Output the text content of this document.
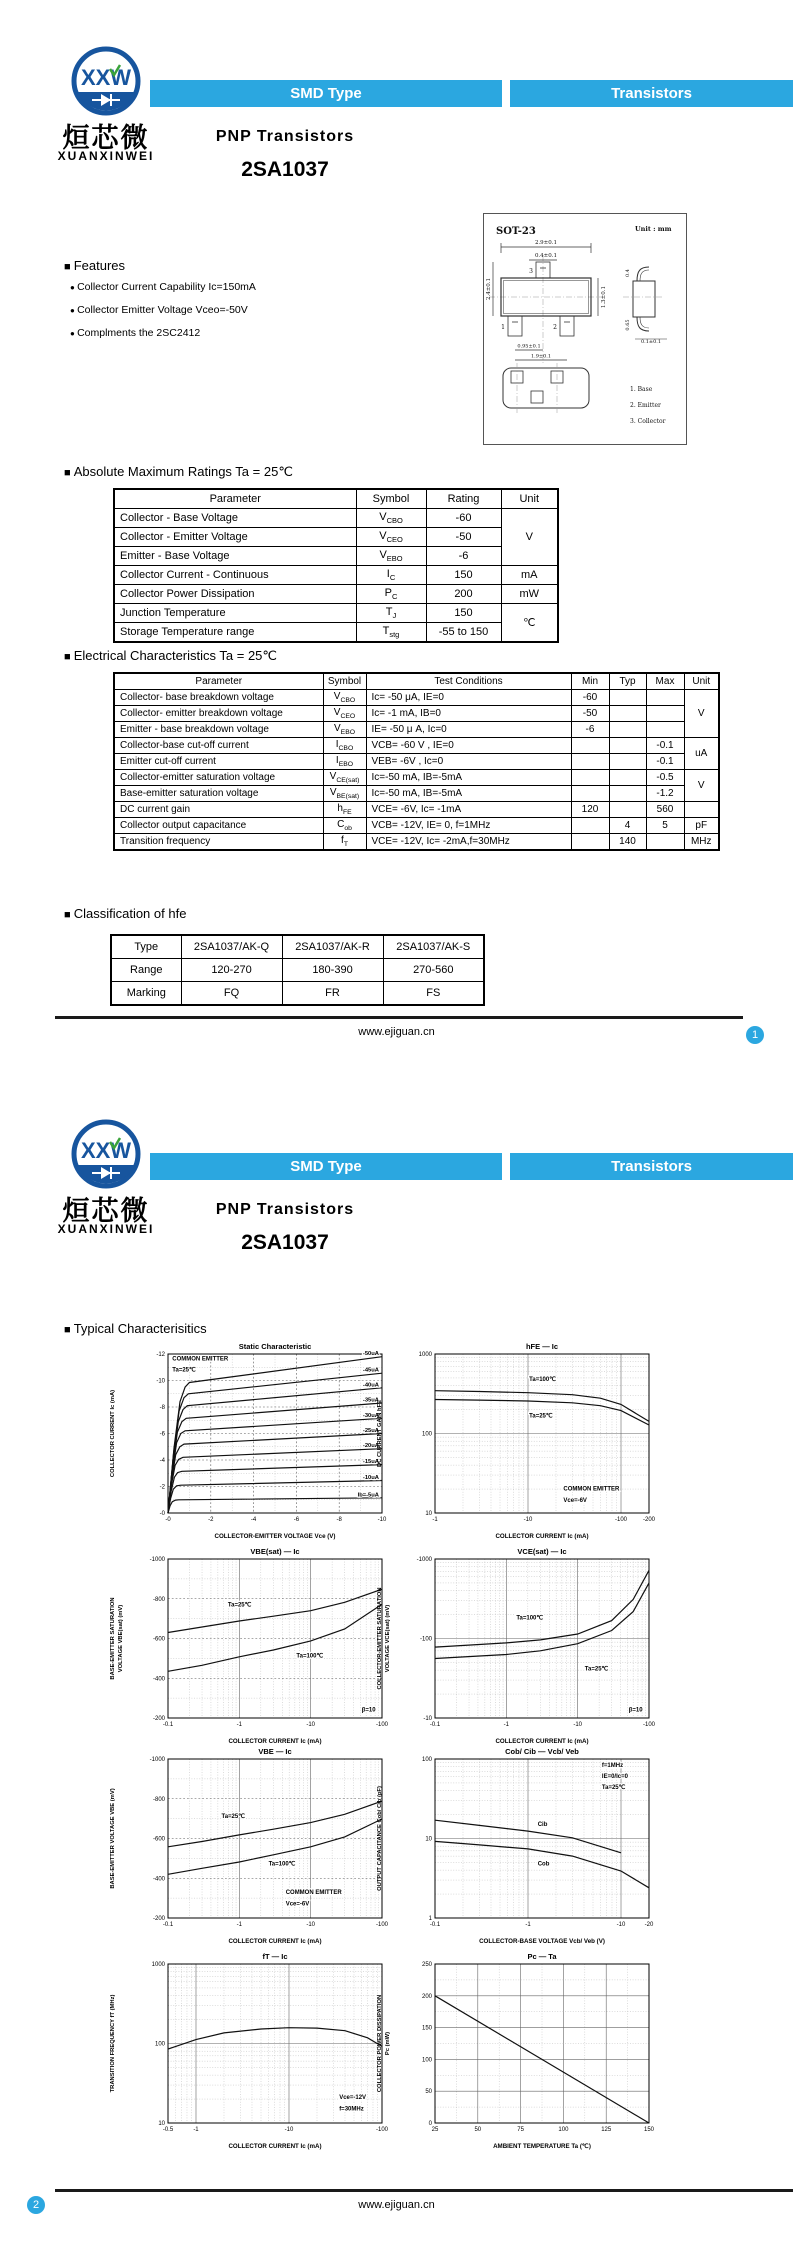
XXW
烜芯微
XUANXINWEI
SMD Type	Transistors
PNP Transistors
2SA1037
■ Features
● Collector Current Capability Ic=150mA
● Collector Emitter Voltage Vceo=-50V
● Complments the 2SC2412
SOT-23	Unit : mm
2.9±0.1
0.4±0.1
3
1	2
2.4±0.1	1.3±0.1
0.95±0.1
1.9±0.1
0.4
0.65
0.1±0.1
1. Base
2. Emitter
3. Collector
■ Absolute Maximum Ratings Ta = 25℃
■ Electrical Characteristics Ta = 25℃
■ Classification of hfe
www.ejiguan.cn	1
XXW
烜芯微
XUANXINWEI
SMD Type	Transistors
PNP Transistors
2SA1037
■ Typical Characterisitics
www.ejiguan.cn
2
Parameter	Symbol	Rating	Unit
Collector - Base Voltage	$V_{CBO}$	-60	V
Collector - Emitter Voltage	$V_{CEO}$	-50	
Emitter - Base Voltage	$V_{EBO}$	-6	
Collector Current - Continuous	$I_C$	150	mA
Collector Power Dissipation	$P_C$	200	mW
Junction Temperature	$T_J$	150	℃
Storage Temperature range	$T_{stg}$	-55 to 150	
Parameter	Symbol	Test Conditions	Min	Typ	Max	Unit
Collector- base breakdown voltage	$V_{CBO}$	Ic= -50 μA, IE=0	-60			V
Collector- emitter breakdown voltage	$V_{CEO}$	Ic= -1 mA, IB=0	-50			
Emitter - base breakdown voltage	$V_{EBO}$	IE= -50 μ A, Ic=0	-6			
Collector-base cut-off current	$I_{CBO}$	VCB= -60 V , IE=0			-0.1	uA
Emitter cut-off current	$I_{EBO}$	VEB= -6V , Ic=0			-0.1	
Collector-emitter saturation voltage	$V_{CE(sat)}$	Ic=-50 mA, IB=-5mA			-0.5	V
Base-emitter saturation voltage	$V_{BE(sat)}$	Ic=-50 mA, IB=-5mA			-1.2	
DC current gain	$h_{FE}$	VCE= -6V, Ic= -1mA	120		560	
Collector output capacitance	$C_{ob}$	VCB= -12V, IE= 0, f=1MHz		4	5	pF
Transition frequency	$f_T$	VCE= -12V, Ic= -2mA,f=30MHz		140		MHz
Type	2SA1037/AK-Q	2SA1037/AK-R	2SA1037/AK-S
Range	120-270	180-390	270-560
Marking	FQ	FR	FS
-0	-2	-4	-6	-8	-10
-0
-2
-4
-6
-8
-10
-12
Ib=-5uA
-10uA
-15uA
-20uA
-25uA
-30uA
-35uA
-40uA
-45uA
-50uA
COMMON EMITTER
Ta=25℃
Static Characteristic
COLLECTOR-EMITTER VOLTAGE Vce (V)
COLLECTOR CURRENT Ic (mA)
-1	-10	-100	-200
10
100
1000
Ta=100℃
Ta=25℃
COMMON EMITTER
Vce=-6V
hFE ― Ic
COLLECTOR CURRENT Ic (mA)
DC CURRENT GAIN hFE
-0.1	-1	-10	-100
-200
-400
-600
-800
-1000
Ta=25℃
Ta=100℃
β=10
VBE(sat) ― Ic
COLLECTOR CURRENT Ic (mA)
BASE-EMITTER SATURATION VOLTAGE VBE(sat) (mV)
-0.1	-1	-10	-100
-10
-100
-1000
Ta=100℃
Ta=25℃
β=10
VCE(sat) ― Ic
COLLECTOR CURRENT Ic (mA)
COLLECTOR-EMITTER SATURATION VOLTAGE VCE(sat) (mV)
-0.1	-1	-10	-100
-200
-400
-600
-800
-1000
Ta=25℃
Ta=100℃
COMMON EMITTER
Vce=-6V
VBE ― Ic
COLLECTOR CURRENT Ic (mA)
BASE-EMITTER VOLTAGE VBE (mV)
-0.1	-1	-10	-20
1
10
100
Cib
Cob
f=1MHz
IE=0/Ic=0
Ta=25℃
Cob/ Cib ― Vcb/ Veb
COLLECTOR-BASE VOLTAGE Vcb/ Veb (V)
OUTPUT CAPACITANCE Cob/ Cib (pF)
-0.5	-1	-10	-100
10
100
1000
Vce=-12V
f=30MHz
fT ― Ic
COLLECTOR CURRENT Ic (mA)
TRANSITION FREQUENCY fT (MHz)
25	50	75	100	125	150
0
50
100
150
200
250
Pc ― Ta
AMBIENT TEMPERATURE Ta (℃)
COLLECTOR POWER DISSIPATION Pc (mW)
